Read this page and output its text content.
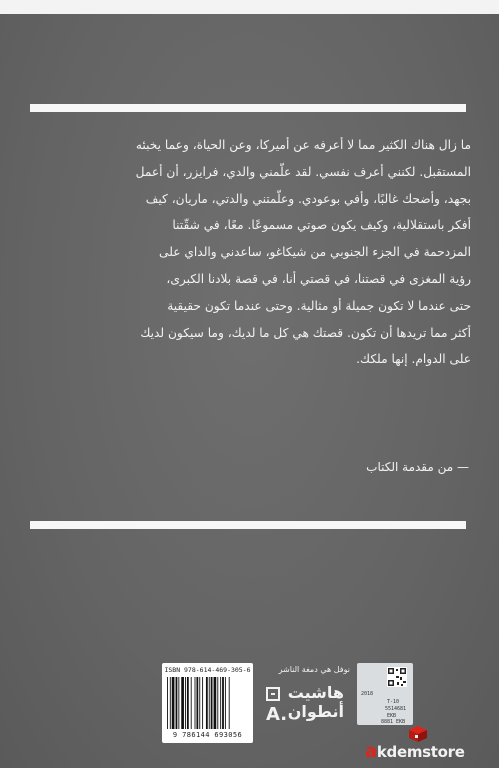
ما زال هناك الكثير مما لا أعرفه عن أميركا، وعن الحياة، وعما يخبئه

المستقبل. لكنني أعرف نفسي. لقد علّمني والدي، فرايزر، أن أعمل

بجهد، وأضحك غالبًا، وأفي بوعودي. وعلّمتني والدتي، ماريان، كيف

أفكر باستقلالية، وكيف يكون صوتي مسموعًا. معًا، في شقّتنا

المزدحمة في الجزء الجنوبي من شيكاغو، ساعدني والداي على

رؤية المغزى في قصتنا، في قصتي أنا، في قصة بلادنا الكبرى،

حتى عندما لا تكون جميلة أو مثالية. وحتى عندما تكون حقيقية

أكثر مما تريدها أن تكون. قصتك هي كل ما لديك، وما سيكون لديك

على الدوام. إنها ملكك.

— من مقدمة الكتاب
ISBN 978-614-469-305-6
9 786144 693056
نوفل هي دمغة الناشر
هاشيت
أنطوان
A.
2018
T-10
5514681
EKB
8881 EKB
akdemstore
